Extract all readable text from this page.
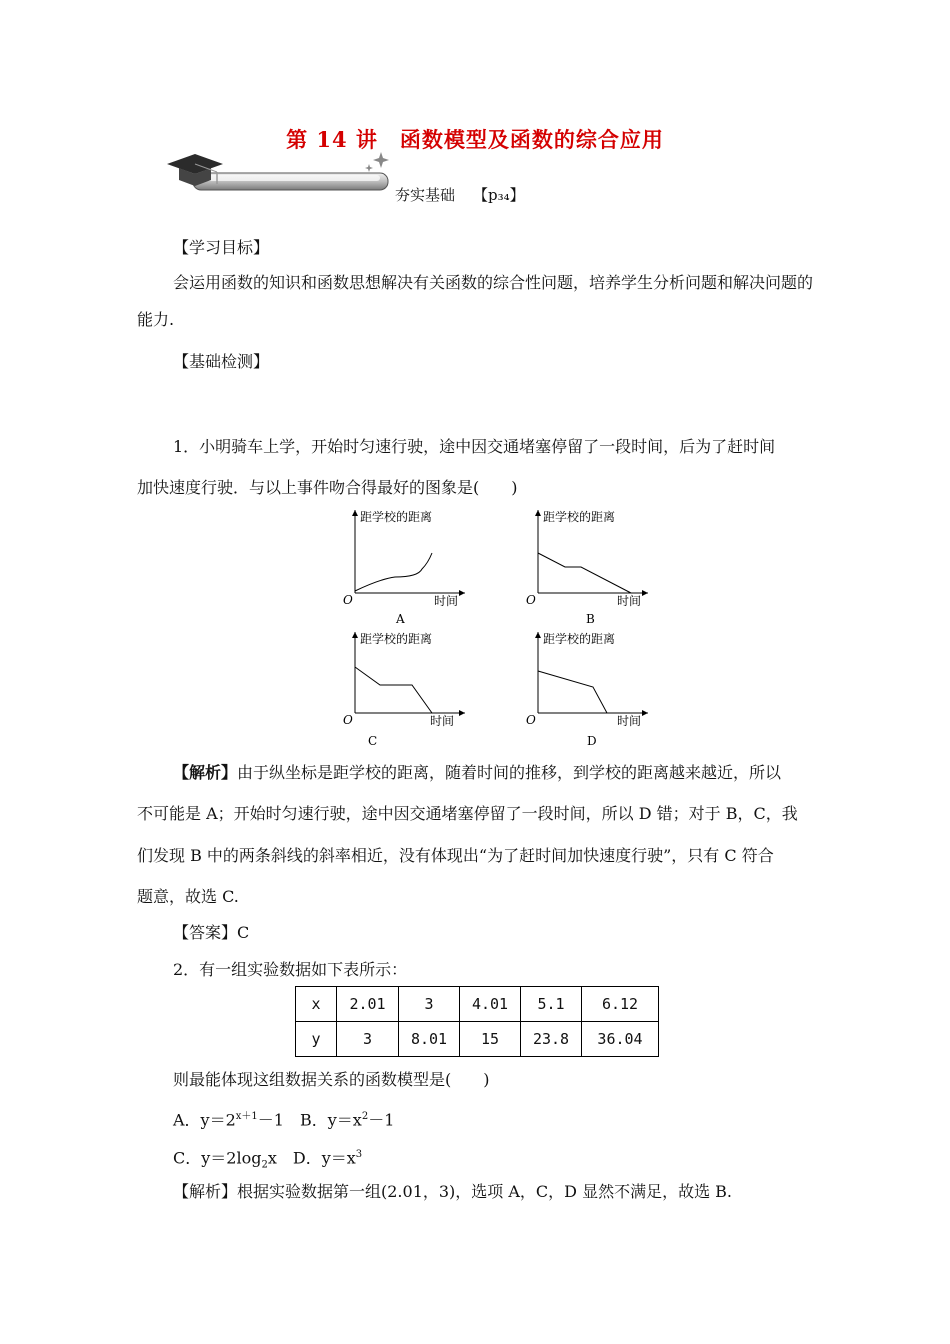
第 14 讲　函数模型及函数的综合应用
夯实基础 【p₃₄】
【学习目标】
会运用函数的知识和函数思想解决有关函数的综合性问题，培养学生分析问题和解决问题的能力.
【基础检测】
1．小明骑车上学，开始时匀速行驶，途中因交通堵塞停留了一段时间，后为了赶时间
加快速度行驶．与以上事件吻合得最好的图象是(　　)
距学校的距离
时间
O
A
距学校的距离
时间
O
B
距学校的距离
时间
O
C
距学校的距离
时间
O
D
【解析】由于纵坐标是距学校的距离，随着时间的推移，到学校的距离越来越近，所以
不可能是 A；开始时匀速行驶，途中因交通堵塞停留了一段时间，所以 D 错；对于 B，C，我
们发现 B 中的两条斜线的斜率相近，没有体现出“为了赶时间加快速度行驶”，只有 C 符合
题意，故选 C.
【答案】C
2．有一组实验数据如下表所示：
x	2.01	3	4.01	5.1	6.12
y	3	8.01	15	23.8	36.04
则最能体现这组数据关系的函数模型是(　　)
A．$y=2^{x+1}-1$　B．$y=x^2-1$
C．$y=2\log_2x$　D．$y=x^3$
【解析】根据实验数据第一组(2.01，3)，选项 A，C，D 显然不满足，故选 B.
